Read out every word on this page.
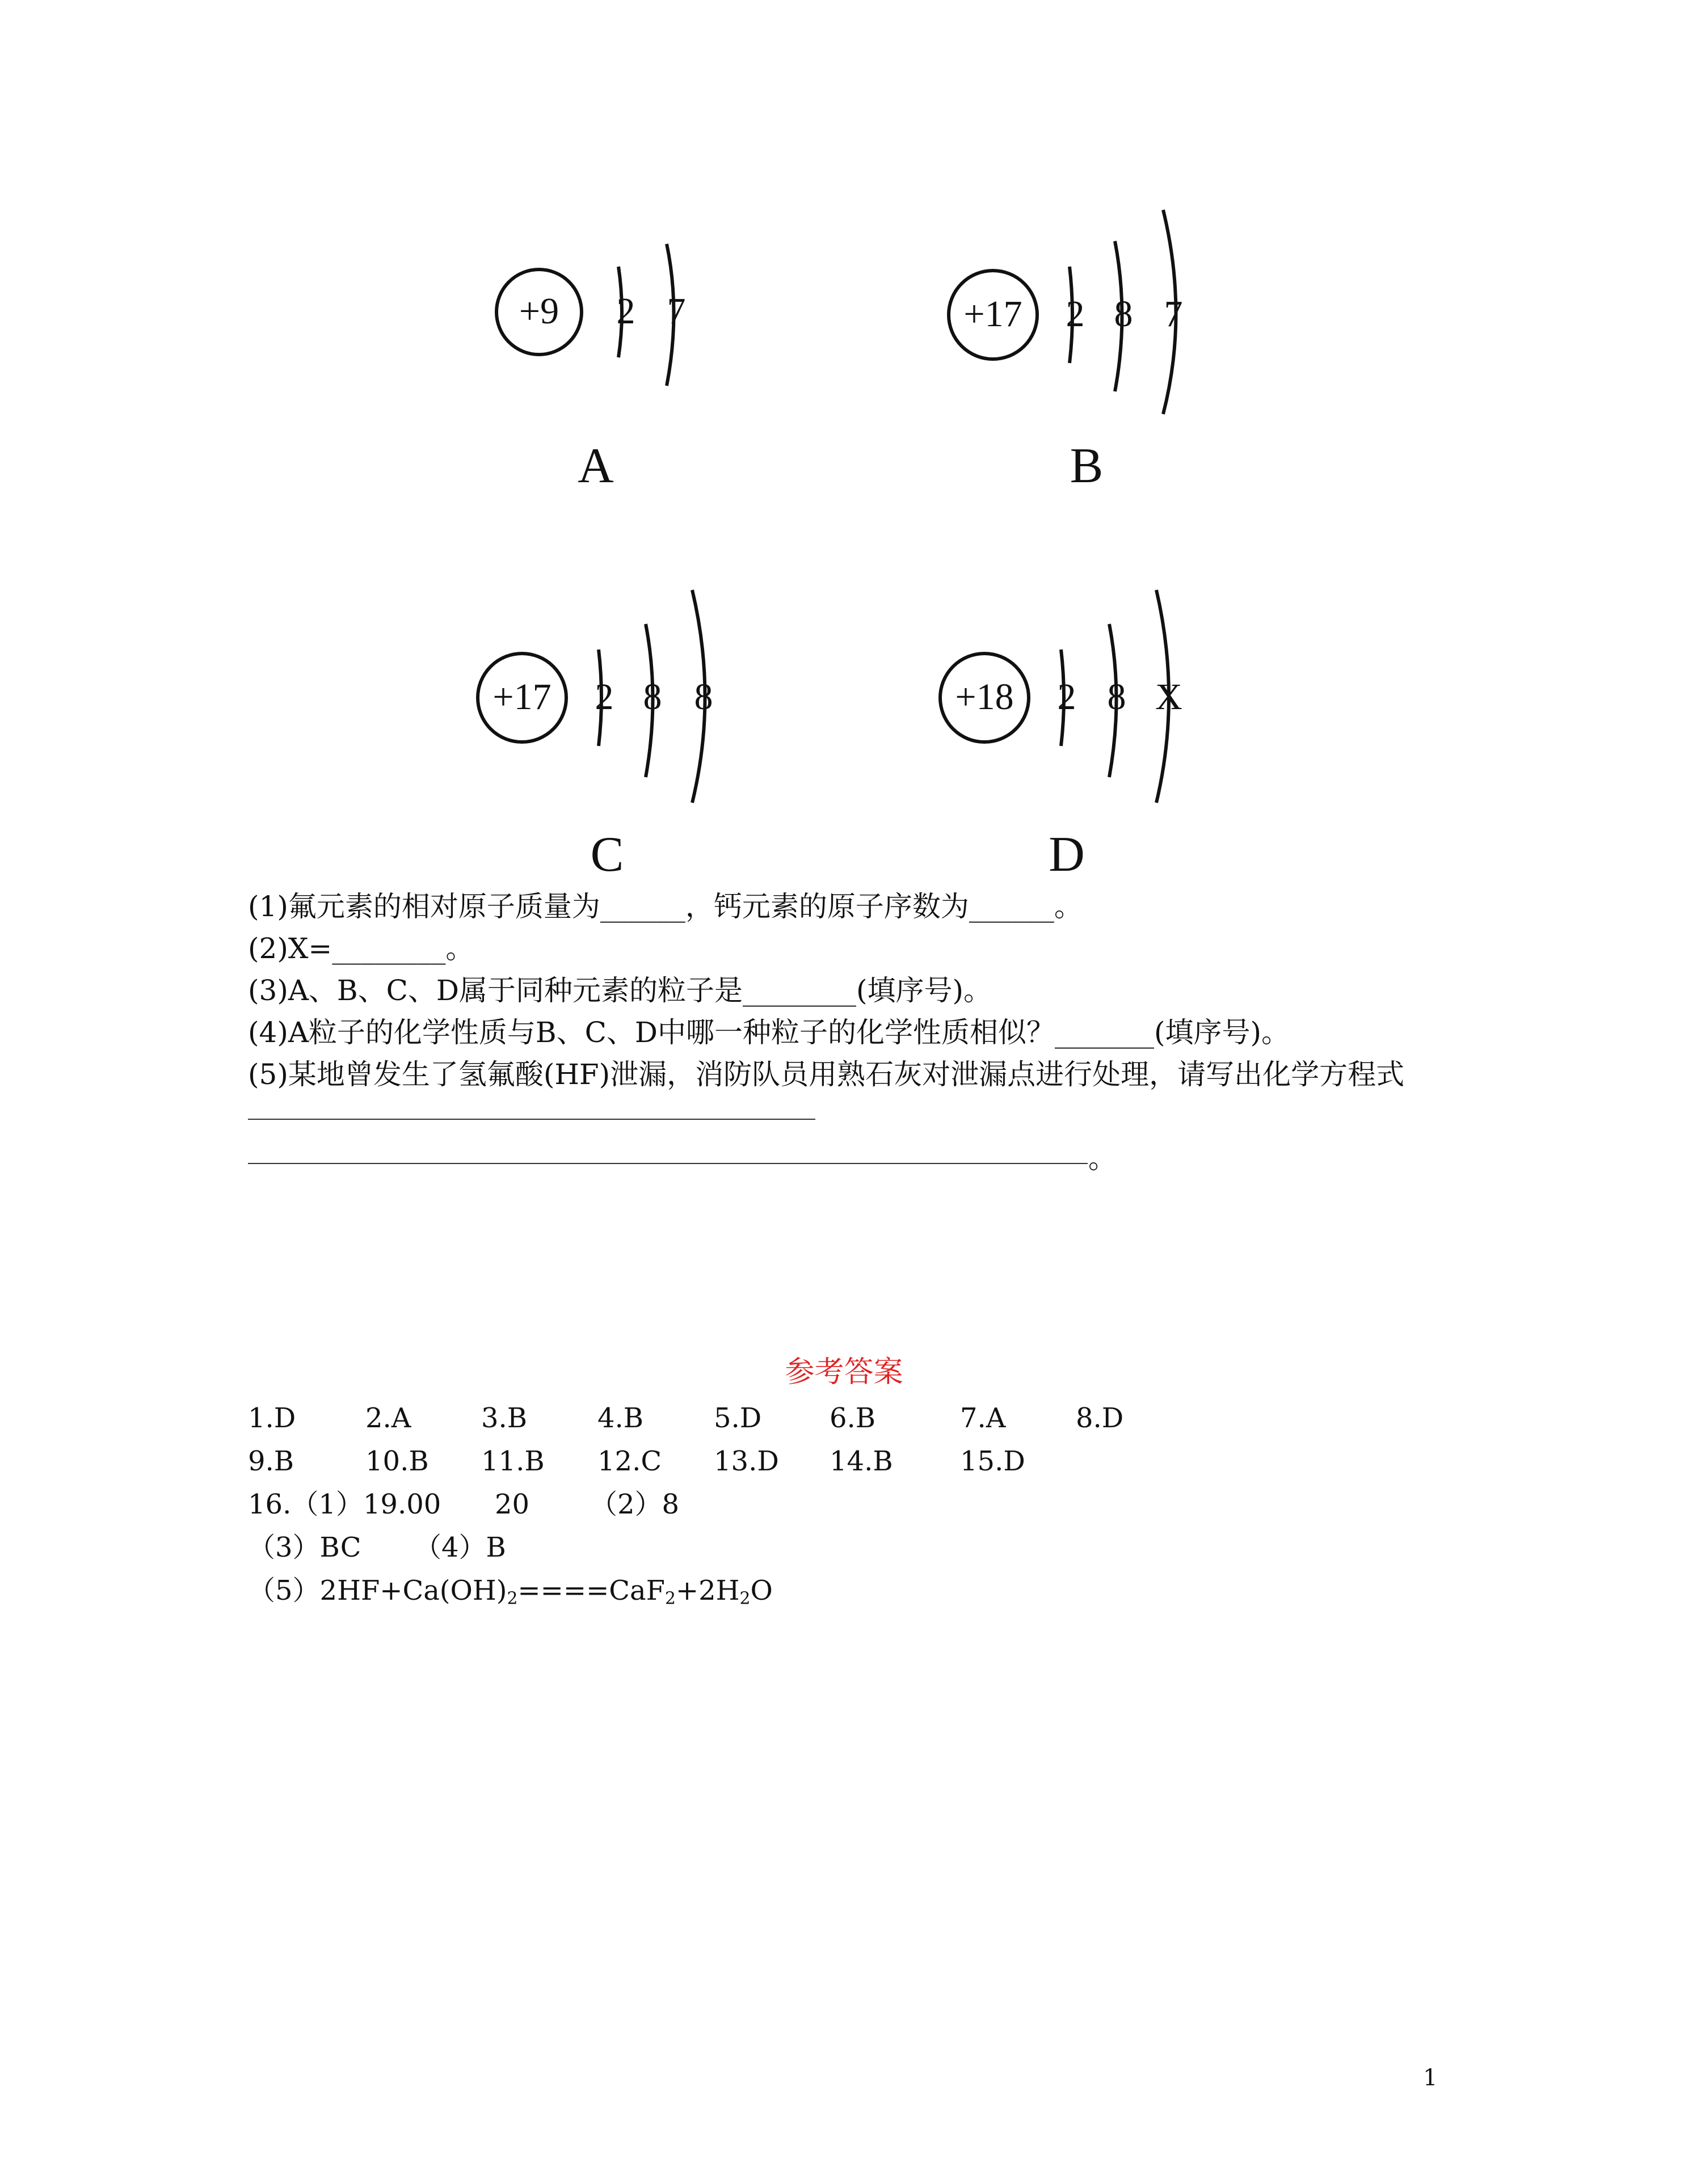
+9 2 7
A
+17 2 8 7
B
+17 2 8 8
C
+18 2 8 X
D
(1)氟元素的相对原子质量为______，钙元素的原子序数为______。
(2)X=________。
(3)A、B、C、D属于同种元素的粒子是________(填序号)。
(4)A粒子的化学性质与B、C、D中哪一种粒子的化学性质相似？_______(填序号)。
(5)某地曾发生了氢氟酸(HF)泄漏，消防队员用熟石灰对泄漏点进行处理，请写出化学方程式
。
参考答案
1.D	2.A	3.B	4.B	5.D 6.B	7.A	8.D
9.B	10.B 11.B 12.C 13.D 14.B 15.D
16.（1）19.00 20 （2）8
（3）BC （4）B
$(5)2HF+Ca(OH)_2====CaF_2+2H_2O$
1
